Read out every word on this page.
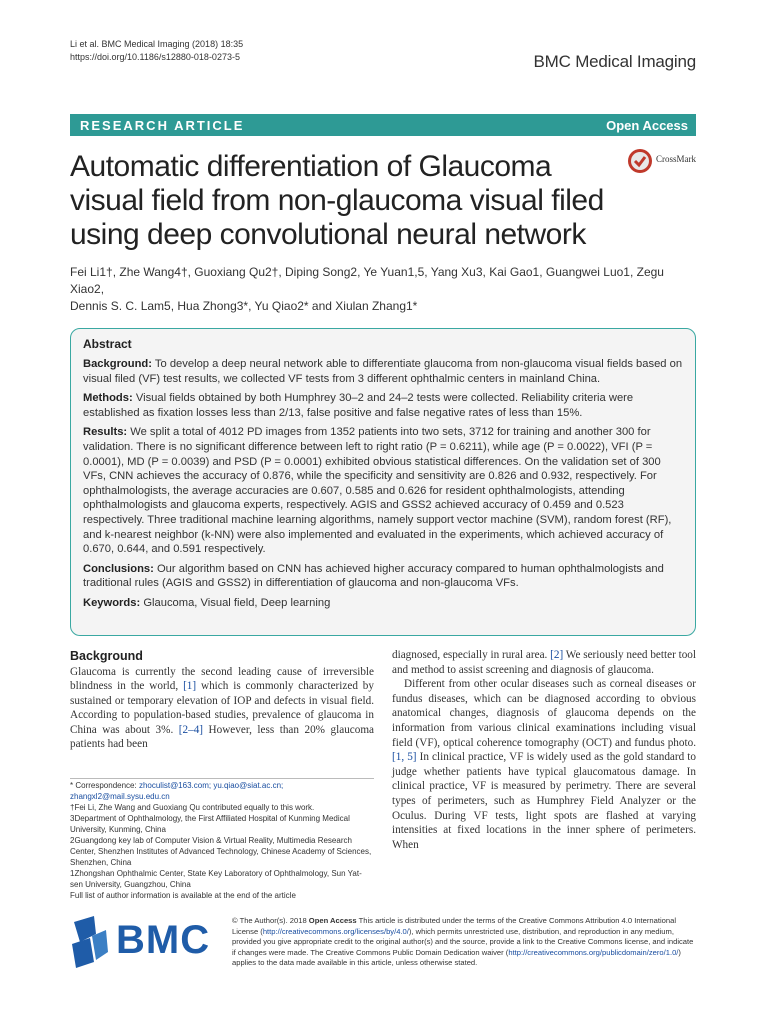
Li et al. BMC Medical Imaging (2018) 18:35
https://doi.org/10.1186/s12880-018-0273-5	BMC Medical Imaging
RESEARCH ARTICLE	Open Access
Automatic differentiation of Glaucoma visual field from non-glaucoma visual filed using deep convolutional neural network
CrossMark
Fei Li1†, Zhe Wang4†, Guoxiang Qu2†, Diping Song2, Ye Yuan1,5, Yang Xu3, Kai Gao1, Guangwei Luo1, Zegu Xiao2,
Dennis S. C. Lam5, Hua Zhong3*, Yu Qiao2* and Xiulan Zhang1*
Abstract

Background: To develop a deep neural network able to differentiate glaucoma from non-glaucoma visual fields based on visual filed (VF) test results, we collected VF tests from 3 different ophthalmic centers in mainland China.

Methods: Visual fields obtained by both Humphrey 30–2 and 24–2 tests were collected. Reliability criteria were established as fixation losses less than 2/13, false positive and false negative rates of less than 15%.

Results: We split a total of 4012 PD images from 1352 patients into two sets, 3712 for training and another 300 for validation. There is no significant difference between left to right ratio (P = 0.6211), while age (P = 0.0022), VFI (P = 0.0001), MD (P = 0.0039) and PSD (P = 0.0001) exhibited obvious statistical differences. On the validation set of 300 VFs, CNN achieves the accuracy of 0.876, while the specificity and sensitivity are 0.826 and 0.932, respectively. For ophthalmologists, the average accuracies are 0.607, 0.585 and 0.626 for resident ophthalmologists, attending ophthalmologists and glaucoma experts, respectively. AGIS and GSS2 achieved accuracy of 0.459 and 0.523 respectively. Three traditional machine learning algorithms, namely support vector machine (SVM), random forest (RF), and k-nearest neighbor (k-NN) were also implemented and evaluated in the experiments, which achieved accuracy of 0.670, 0.644, and 0.591 respectively.

Conclusions: Our algorithm based on CNN has achieved higher accuracy compared to human ophthalmologists and traditional rules (AGIS and GSS2) in differentiation of glaucoma and non-glaucoma VFs.

Keywords: Glaucoma, Visual field, Deep learning

Background

Glaucoma is currently the second leading cause of irreversible blindness in the world, [1] which is commonly characterized by sustained or temporary elevation of IOP and defects in visual field. According to population-based studies, prevalence of glaucoma in China was about 3%. [2–4] However, less than 20% glaucoma patients had been

* Correspondence: zhoculist@163.com; yu.qiao@siat.ac.cn; zhangxl2@mail.sysu.edu.cn
†Fei Li, Zhe Wang and Guoxiang Qu contributed equally to this work.
3Department of Ophthalmology, the First Affiliated Hospital of Kunming Medical University, Kunming, China
2Guangdong key lab of Computer Vision & Virtual Reality, Multimedia Research Center, Shenzhen Institutes of Advanced Technology, Chinese Academy of Sciences, Shenzhen, China
1Zhongshan Ophthalmic Center, State Key Laboratory of Ophthalmology, Sun Yat-sen University, Guangzhou, China
Full list of author information is available at the end of the article

diagnosed, especially in rural area. [2] We seriously need better tool and method to assist screening and diagnosis of glaucoma.

Different from other ocular diseases such as corneal diseases or fundus diseases, which can be diagnosed according to obvious anatomical changes, diagnosis of glaucoma depends on the information from various clinical examinations including visual field (VF), optical coherence tomography (OCT) and fundus photo. [1, 5] In clinical practice, VF is widely used as the gold standard to judge whether patients have typical glaucomatous damage. In clinical practice, VF is measured by perimetry. There are several types of perimeters, such as Humphrey Field Analyzer or the Oculus. During VF tests, light spots are flashed at varying intensities at fixed locations in the inner sphere of perimeters. When

BMC	© The Author(s). 2018 Open Access This article is distributed under the terms of the Creative Commons Attribution 4.0 International License (http://creativecommons.org/licenses/by/4.0/), which permits unrestricted use, distribution, and reproduction in any medium, provided you give appropriate credit to the original author(s) and the source, provide a link to the Creative Commons license, and indicate if changes were made. The Creative Commons Public Domain Dedication waiver (http://creativecommons.org/publicdomain/zero/1.0/) applies to the data made available in this article, unless otherwise stated.
